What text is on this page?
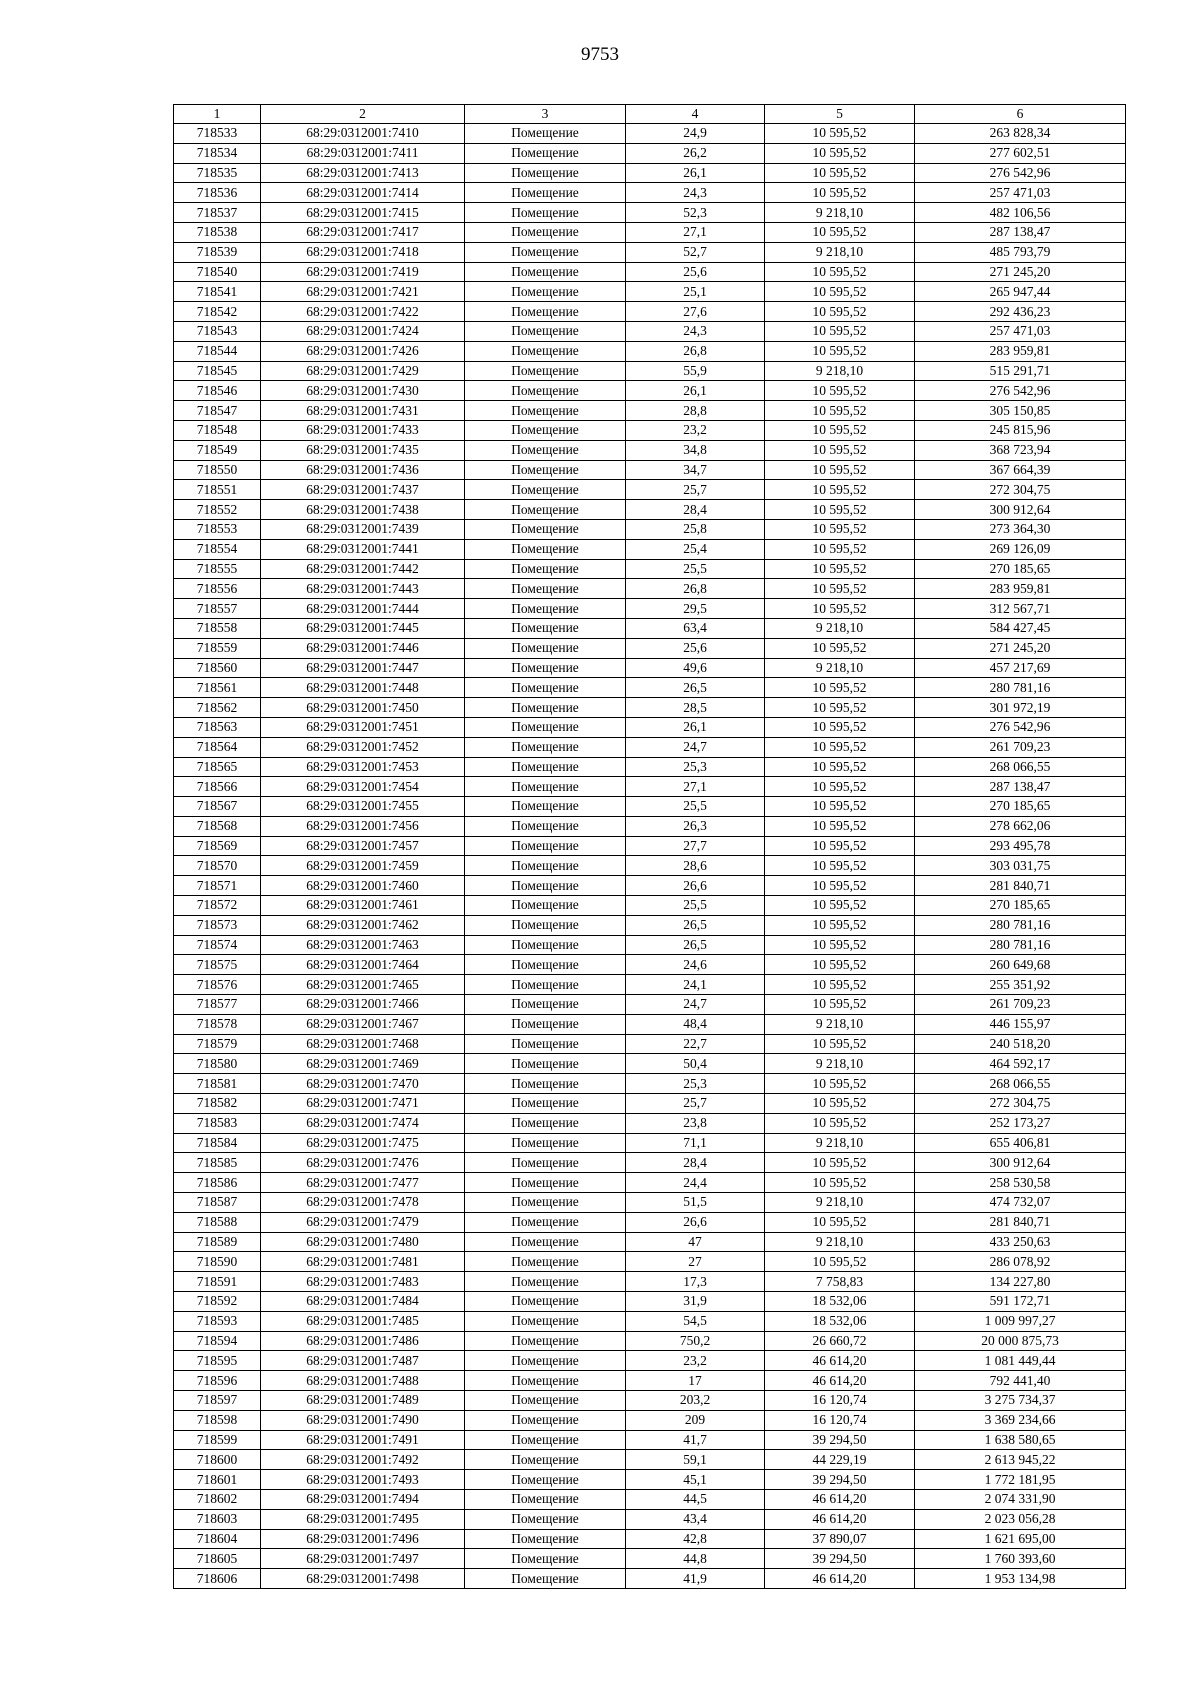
9753
1	2	3	4	5	6
718533	68:29:0312001:7410	Помещение	24,9	10 595,52	263 828,34
718534	68:29:0312001:7411	Помещение	26,2	10 595,52	277 602,51
718535	68:29:0312001:7413	Помещение	26,1	10 595,52	276 542,96
718536	68:29:0312001:7414	Помещение	24,3	10 595,52	257 471,03
718537	68:29:0312001:7415	Помещение	52,3	9 218,10	482 106,56
718538	68:29:0312001:7417	Помещение	27,1	10 595,52	287 138,47
718539	68:29:0312001:7418	Помещение	52,7	9 218,10	485 793,79
718540	68:29:0312001:7419	Помещение	25,6	10 595,52	271 245,20
718541	68:29:0312001:7421	Помещение	25,1	10 595,52	265 947,44
718542	68:29:0312001:7422	Помещение	27,6	10 595,52	292 436,23
718543	68:29:0312001:7424	Помещение	24,3	10 595,52	257 471,03
718544	68:29:0312001:7426	Помещение	26,8	10 595,52	283 959,81
718545	68:29:0312001:7429	Помещение	55,9	9 218,10	515 291,71
718546	68:29:0312001:7430	Помещение	26,1	10 595,52	276 542,96
718547	68:29:0312001:7431	Помещение	28,8	10 595,52	305 150,85
718548	68:29:0312001:7433	Помещение	23,2	10 595,52	245 815,96
718549	68:29:0312001:7435	Помещение	34,8	10 595,52	368 723,94
718550	68:29:0312001:7436	Помещение	34,7	10 595,52	367 664,39
718551	68:29:0312001:7437	Помещение	25,7	10 595,52	272 304,75
718552	68:29:0312001:7438	Помещение	28,4	10 595,52	300 912,64
718553	68:29:0312001:7439	Помещение	25,8	10 595,52	273 364,30
718554	68:29:0312001:7441	Помещение	25,4	10 595,52	269 126,09
718555	68:29:0312001:7442	Помещение	25,5	10 595,52	270 185,65
718556	68:29:0312001:7443	Помещение	26,8	10 595,52	283 959,81
718557	68:29:0312001:7444	Помещение	29,5	10 595,52	312 567,71
718558	68:29:0312001:7445	Помещение	63,4	9 218,10	584 427,45
718559	68:29:0312001:7446	Помещение	25,6	10 595,52	271 245,20
718560	68:29:0312001:7447	Помещение	49,6	9 218,10	457 217,69
718561	68:29:0312001:7448	Помещение	26,5	10 595,52	280 781,16
718562	68:29:0312001:7450	Помещение	28,5	10 595,52	301 972,19
718563	68:29:0312001:7451	Помещение	26,1	10 595,52	276 542,96
718564	68:29:0312001:7452	Помещение	24,7	10 595,52	261 709,23
718565	68:29:0312001:7453	Помещение	25,3	10 595,52	268 066,55
718566	68:29:0312001:7454	Помещение	27,1	10 595,52	287 138,47
718567	68:29:0312001:7455	Помещение	25,5	10 595,52	270 185,65
718568	68:29:0312001:7456	Помещение	26,3	10 595,52	278 662,06
718569	68:29:0312001:7457	Помещение	27,7	10 595,52	293 495,78
718570	68:29:0312001:7459	Помещение	28,6	10 595,52	303 031,75
718571	68:29:0312001:7460	Помещение	26,6	10 595,52	281 840,71
718572	68:29:0312001:7461	Помещение	25,5	10 595,52	270 185,65
718573	68:29:0312001:7462	Помещение	26,5	10 595,52	280 781,16
718574	68:29:0312001:7463	Помещение	26,5	10 595,52	280 781,16
718575	68:29:0312001:7464	Помещение	24,6	10 595,52	260 649,68
718576	68:29:0312001:7465	Помещение	24,1	10 595,52	255 351,92
718577	68:29:0312001:7466	Помещение	24,7	10 595,52	261 709,23
718578	68:29:0312001:7467	Помещение	48,4	9 218,10	446 155,97
718579	68:29:0312001:7468	Помещение	22,7	10 595,52	240 518,20
718580	68:29:0312001:7469	Помещение	50,4	9 218,10	464 592,17
718581	68:29:0312001:7470	Помещение	25,3	10 595,52	268 066,55
718582	68:29:0312001:7471	Помещение	25,7	10 595,52	272 304,75
718583	68:29:0312001:7474	Помещение	23,8	10 595,52	252 173,27
718584	68:29:0312001:7475	Помещение	71,1	9 218,10	655 406,81
718585	68:29:0312001:7476	Помещение	28,4	10 595,52	300 912,64
718586	68:29:0312001:7477	Помещение	24,4	10 595,52	258 530,58
718587	68:29:0312001:7478	Помещение	51,5	9 218,10	474 732,07
718588	68:29:0312001:7479	Помещение	26,6	10 595,52	281 840,71
718589	68:29:0312001:7480	Помещение	47	9 218,10	433 250,63
718590	68:29:0312001:7481	Помещение	27	10 595,52	286 078,92
718591	68:29:0312001:7483	Помещение	17,3	7 758,83	134 227,80
718592	68:29:0312001:7484	Помещение	31,9	18 532,06	591 172,71
718593	68:29:0312001:7485	Помещение	54,5	18 532,06	1 009 997,27
718594	68:29:0312001:7486	Помещение	750,2	26 660,72	20 000 875,73
718595	68:29:0312001:7487	Помещение	23,2	46 614,20	1 081 449,44
718596	68:29:0312001:7488	Помещение	17	46 614,20	792 441,40
718597	68:29:0312001:7489	Помещение	203,2	16 120,74	3 275 734,37
718598	68:29:0312001:7490	Помещение	209	16 120,74	3 369 234,66
718599	68:29:0312001:7491	Помещение	41,7	39 294,50	1 638 580,65
718600	68:29:0312001:7492	Помещение	59,1	44 229,19	2 613 945,22
718601	68:29:0312001:7493	Помещение	45,1	39 294,50	1 772 181,95
718602	68:29:0312001:7494	Помещение	44,5	46 614,20	2 074 331,90
718603	68:29:0312001:7495	Помещение	43,4	46 614,20	2 023 056,28
718604	68:29:0312001:7496	Помещение	42,8	37 890,07	1 621 695,00
718605	68:29:0312001:7497	Помещение	44,8	39 294,50	1 760 393,60
718606	68:29:0312001:7498	Помещение	41,9	46 614,20	1 953 134,98
